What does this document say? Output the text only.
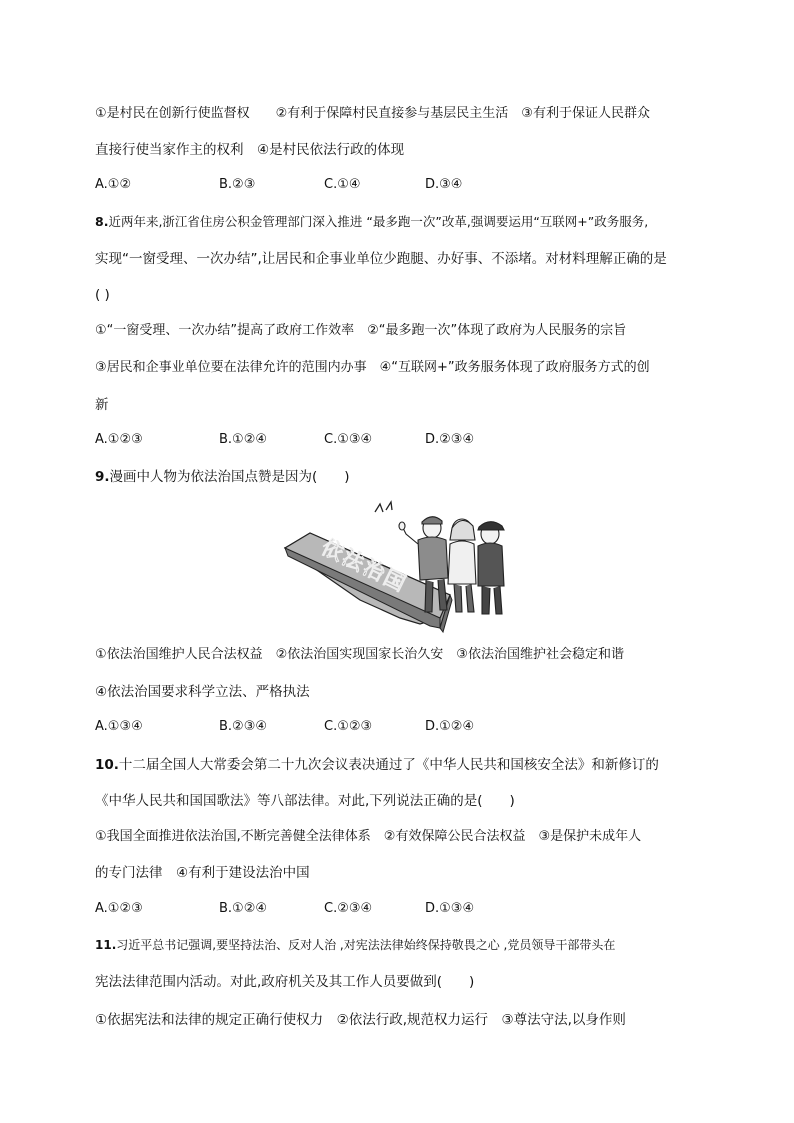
①是村民在创新行使监督权　　②有利于保障村民直接参与基层民主生活　③有利于保证人民群众
直接行使当家作主的权利　④是村民依法行政的体现
A.①②	B.②③	C.①④	D.③④
8.近两年来,浙江省住房公积金管理部门深入推进 “最多跑一次”改革,强调要运用“互联网+”政务服务,
实现“一窗受理、一次办结”,让居民和企事业单位少跑腿、办好事、不添堵。对材料理解正确的是
( )
①“一窗受理、一次办结”提高了政府工作效率　②“最多跑一次”体现了政府为人民服务的宗旨
③居民和企事业单位要在法律允许的范围内办事　④“互联网+”政务服务体现了政府服务方式的创
新
A.①②③	B.①②④	C.①③④	D.②③④
9.漫画中人物为依法治国点赞是因为(　　)
依法治国
①依法治国维护人民合法权益　②依法治国实现国家长治久安　③依法治国维护社会稳定和谐
④依法治国要求科学立法、严格执法
A.①③④	B.②③④	C.①②③	D.①②④
10.十二届全国人大常委会第二十九次会议表决通过了《中华人民共和国核安全法》和新修订的
《中华人民共和国国歌法》等八部法律。对此,下列说法正确的是(　　)
①我国全面推进依法治国,不断完善健全法律体系　②有效保障公民合法权益　③是保护未成年人
的专门法律　④有利于建设法治中国
A.①②③	B.①②④	C.②③④	D.①③④
11.习近平总书记强调,要坚持法治、反对人治 ,对宪法法律始终保持敬畏之心 ,党员领导干部带头在
宪法法律范围内活动。对此,政府机关及其工作人员要做到(　　)
①依据宪法和法律的规定正确行使权力　②依法行政,规范权力运行　③尊法守法,以身作则
